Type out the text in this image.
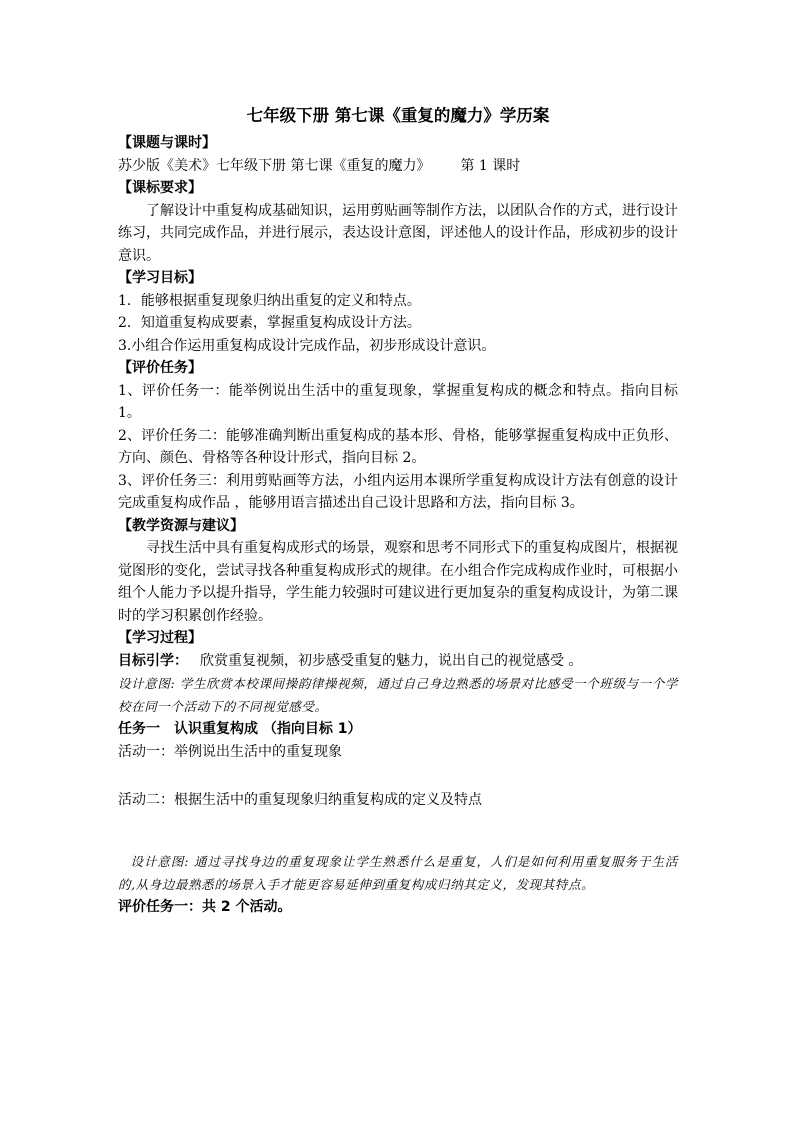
七年级下册 第七课《重复的魔力》学历案

【课题与课时】

苏少版《美术》七年级下册 第七课《重复的魔力》 第 1 课时

【课标要求】

了解设计中重复构成基础知识，运用剪贴画等制作方法，以团队合作的方式，进行设计练习，共同完成作品，并进行展示，表达设计意图，评述他人的设计作品，形成初步的设计意识。

【学习目标】

1．能够根据重复现象归纳出重复的定义和特点。

2．知道重复构成要素，掌握重复构成设计方法。

3.小组合作运用重复构成设计完成作品，初步形成设计意识。

【评价任务】

1、评价任务一：能举例说出生活中的重复现象，掌握重复构成的概念和特点。指向目标 1。

2、评价任务二：能够准确判断出重复构成的基本形、骨格，能够掌握重复构成中正负形、方向、颜色、骨格等各种设计形式，指向目标 2。

3、评价任务三：利用剪贴画等方法，小组内运用本课所学重复构成设计方法有创意的设计完成重复构成作品 ，能够用语言描述出自己设计思路和方法，指向目标 3。

【教学资源与建议】

寻找生活中具有重复构成形式的场景，观察和思考不同形式下的重复构成图片，根据视觉图形的变化，尝试寻找各种重复构成形式的规律。在小组合作完成构成作业时，可根据小组个人能力予以提升指导，学生能力较强时可建议进行更加复杂的重复构成设计，为第二课时的学习积累创作经验。

【学习过程】

目标引学： 欣赏重复视频，初步感受重复的魅力，说出自己的视觉感受 。

设计意图: 学生欣赏本校课间操韵律操视频，通过自己身边熟悉的场景对比感受一个班级与一个学校在同一个活动下的不同视觉感受。

任务一　认识重复构成 （指向目标 1）

活动一：举例说出生活中的重复现象

活动二：根据生活中的重复现象归纳重复构成的定义及特点

设计意图: 通过寻找身边的重复现象让学生熟悉什么是重复，人们是如何利用重复服务于生活的,从身边最熟悉的场景入手才能更容易延伸到重复构成归纳其定义，发现其特点。

评价任务一：共 2 个活动。
